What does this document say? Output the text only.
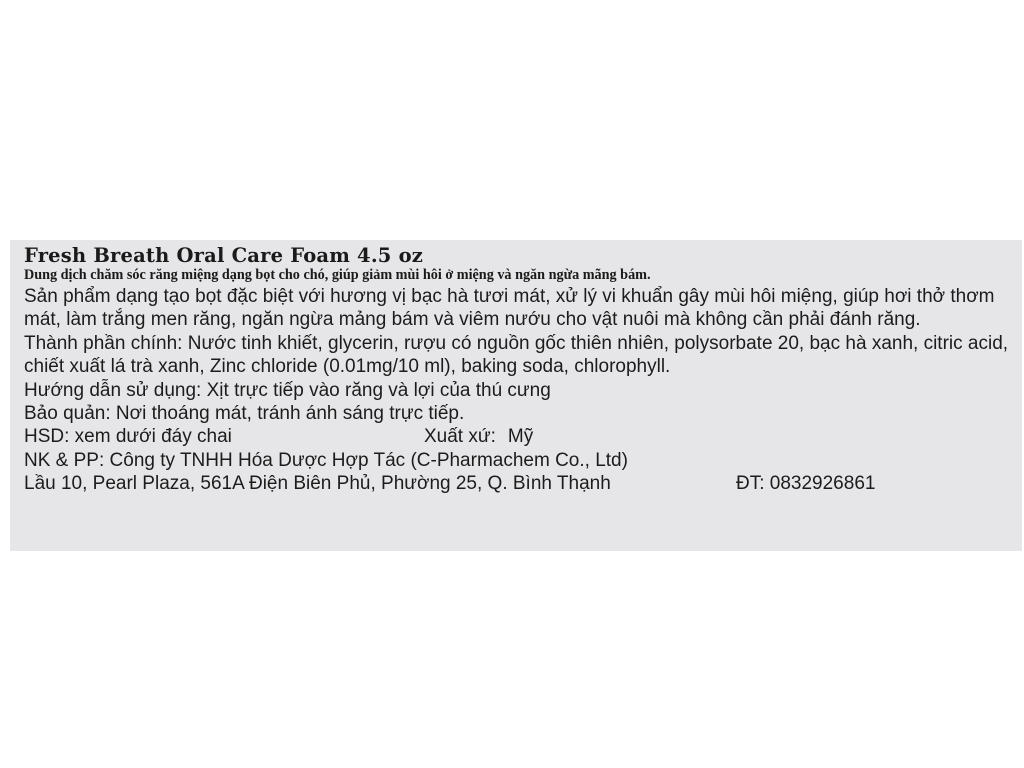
Fresh Breath Oral Care Foam 4.5 oz
Dung dịch chăm sóc răng miệng dạng bọt cho chó, giúp giảm mùi hôi ở miệng và ngăn ngừa mãng bám.

Sản phẩm dạng tạo bọt đặc biệt với hương vị bạc hà tươi mát, xử lý vi khuẩn gây mùi hôi miệng, giúp hơi thở thơm mát, làm trắng men răng, ngăn ngừa mảng bám và viêm nướu cho vật nuôi mà không cần phải đánh răng.

Thành phần chính: Nước tinh khiết, glycerin, rượu có nguồn gốc thiên nhiên, polysorbate 20, bạc hà xanh, citric acid, chiết xuất lá trà xanh, Zinc chloride (0.01mg/10 ml), baking soda, chlorophyll.

Hướng dẫn sử dụng: Xịt trực tiếp vào răng và lợi của thú cưng

Bảo quản: Nơi thoáng mát, tránh ánh sáng trực tiếp.

HSD: xem dưới đáy chai	Xuất xứ: Mỹ

NK & PP: Công ty TNHH Hóa Dược Hợp Tác (C-Pharmachem Co., Ltd)

Lầu 10, Pearl Plaza, 561A Điện Biên Phủ, Phường 25, Q. Bình Thạnh	ĐT: 0832926861
